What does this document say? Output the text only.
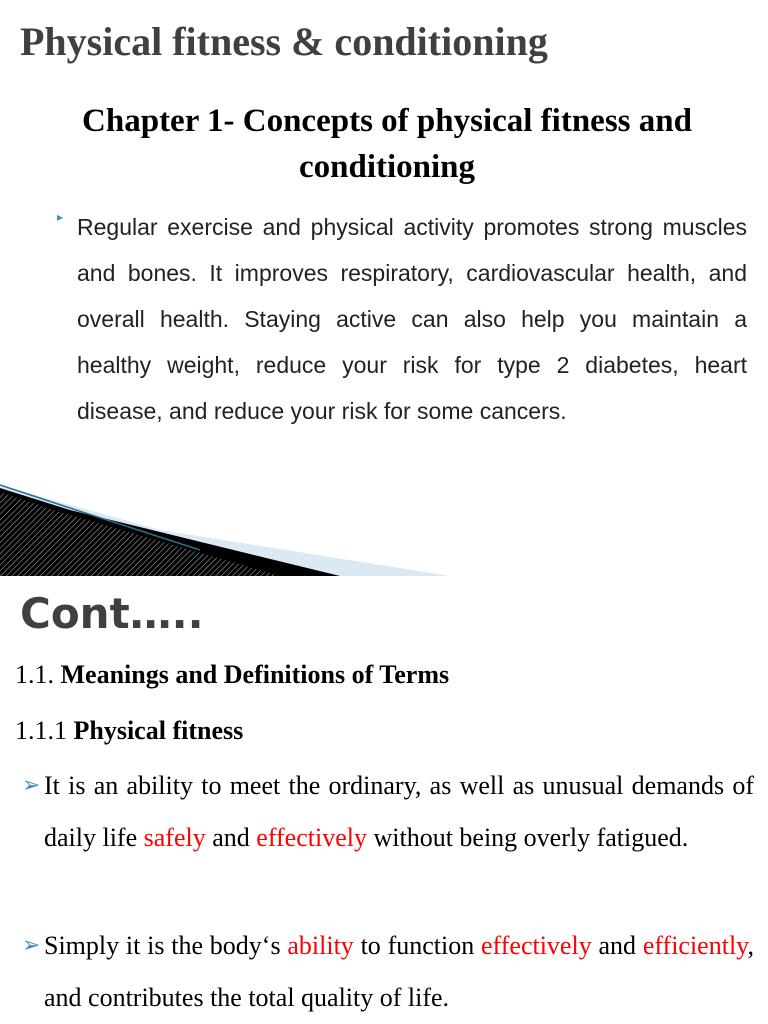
Physical fitness & conditioning
Chapter 1- Concepts of physical fitness and conditioning
▸ Regular exercise and physical activity promotes strong muscles and bones. It improves respiratory, cardiovascular health, and overall health. Staying active can also help you maintain a healthy weight, reduce your risk for type 2 diabetes, heart disease, and reduce your risk for some cancers.

Cont…..

1.1. Meanings and Definitions of Terms

1.1.1 Physical fitness

➢ It is an ability to meet the ordinary, as well as unusual demands of daily life safely and effectively without being overly fatigued.

➢ Simply it is the body‘s ability to function effectively and efficiently, and contributes the total quality of life.
